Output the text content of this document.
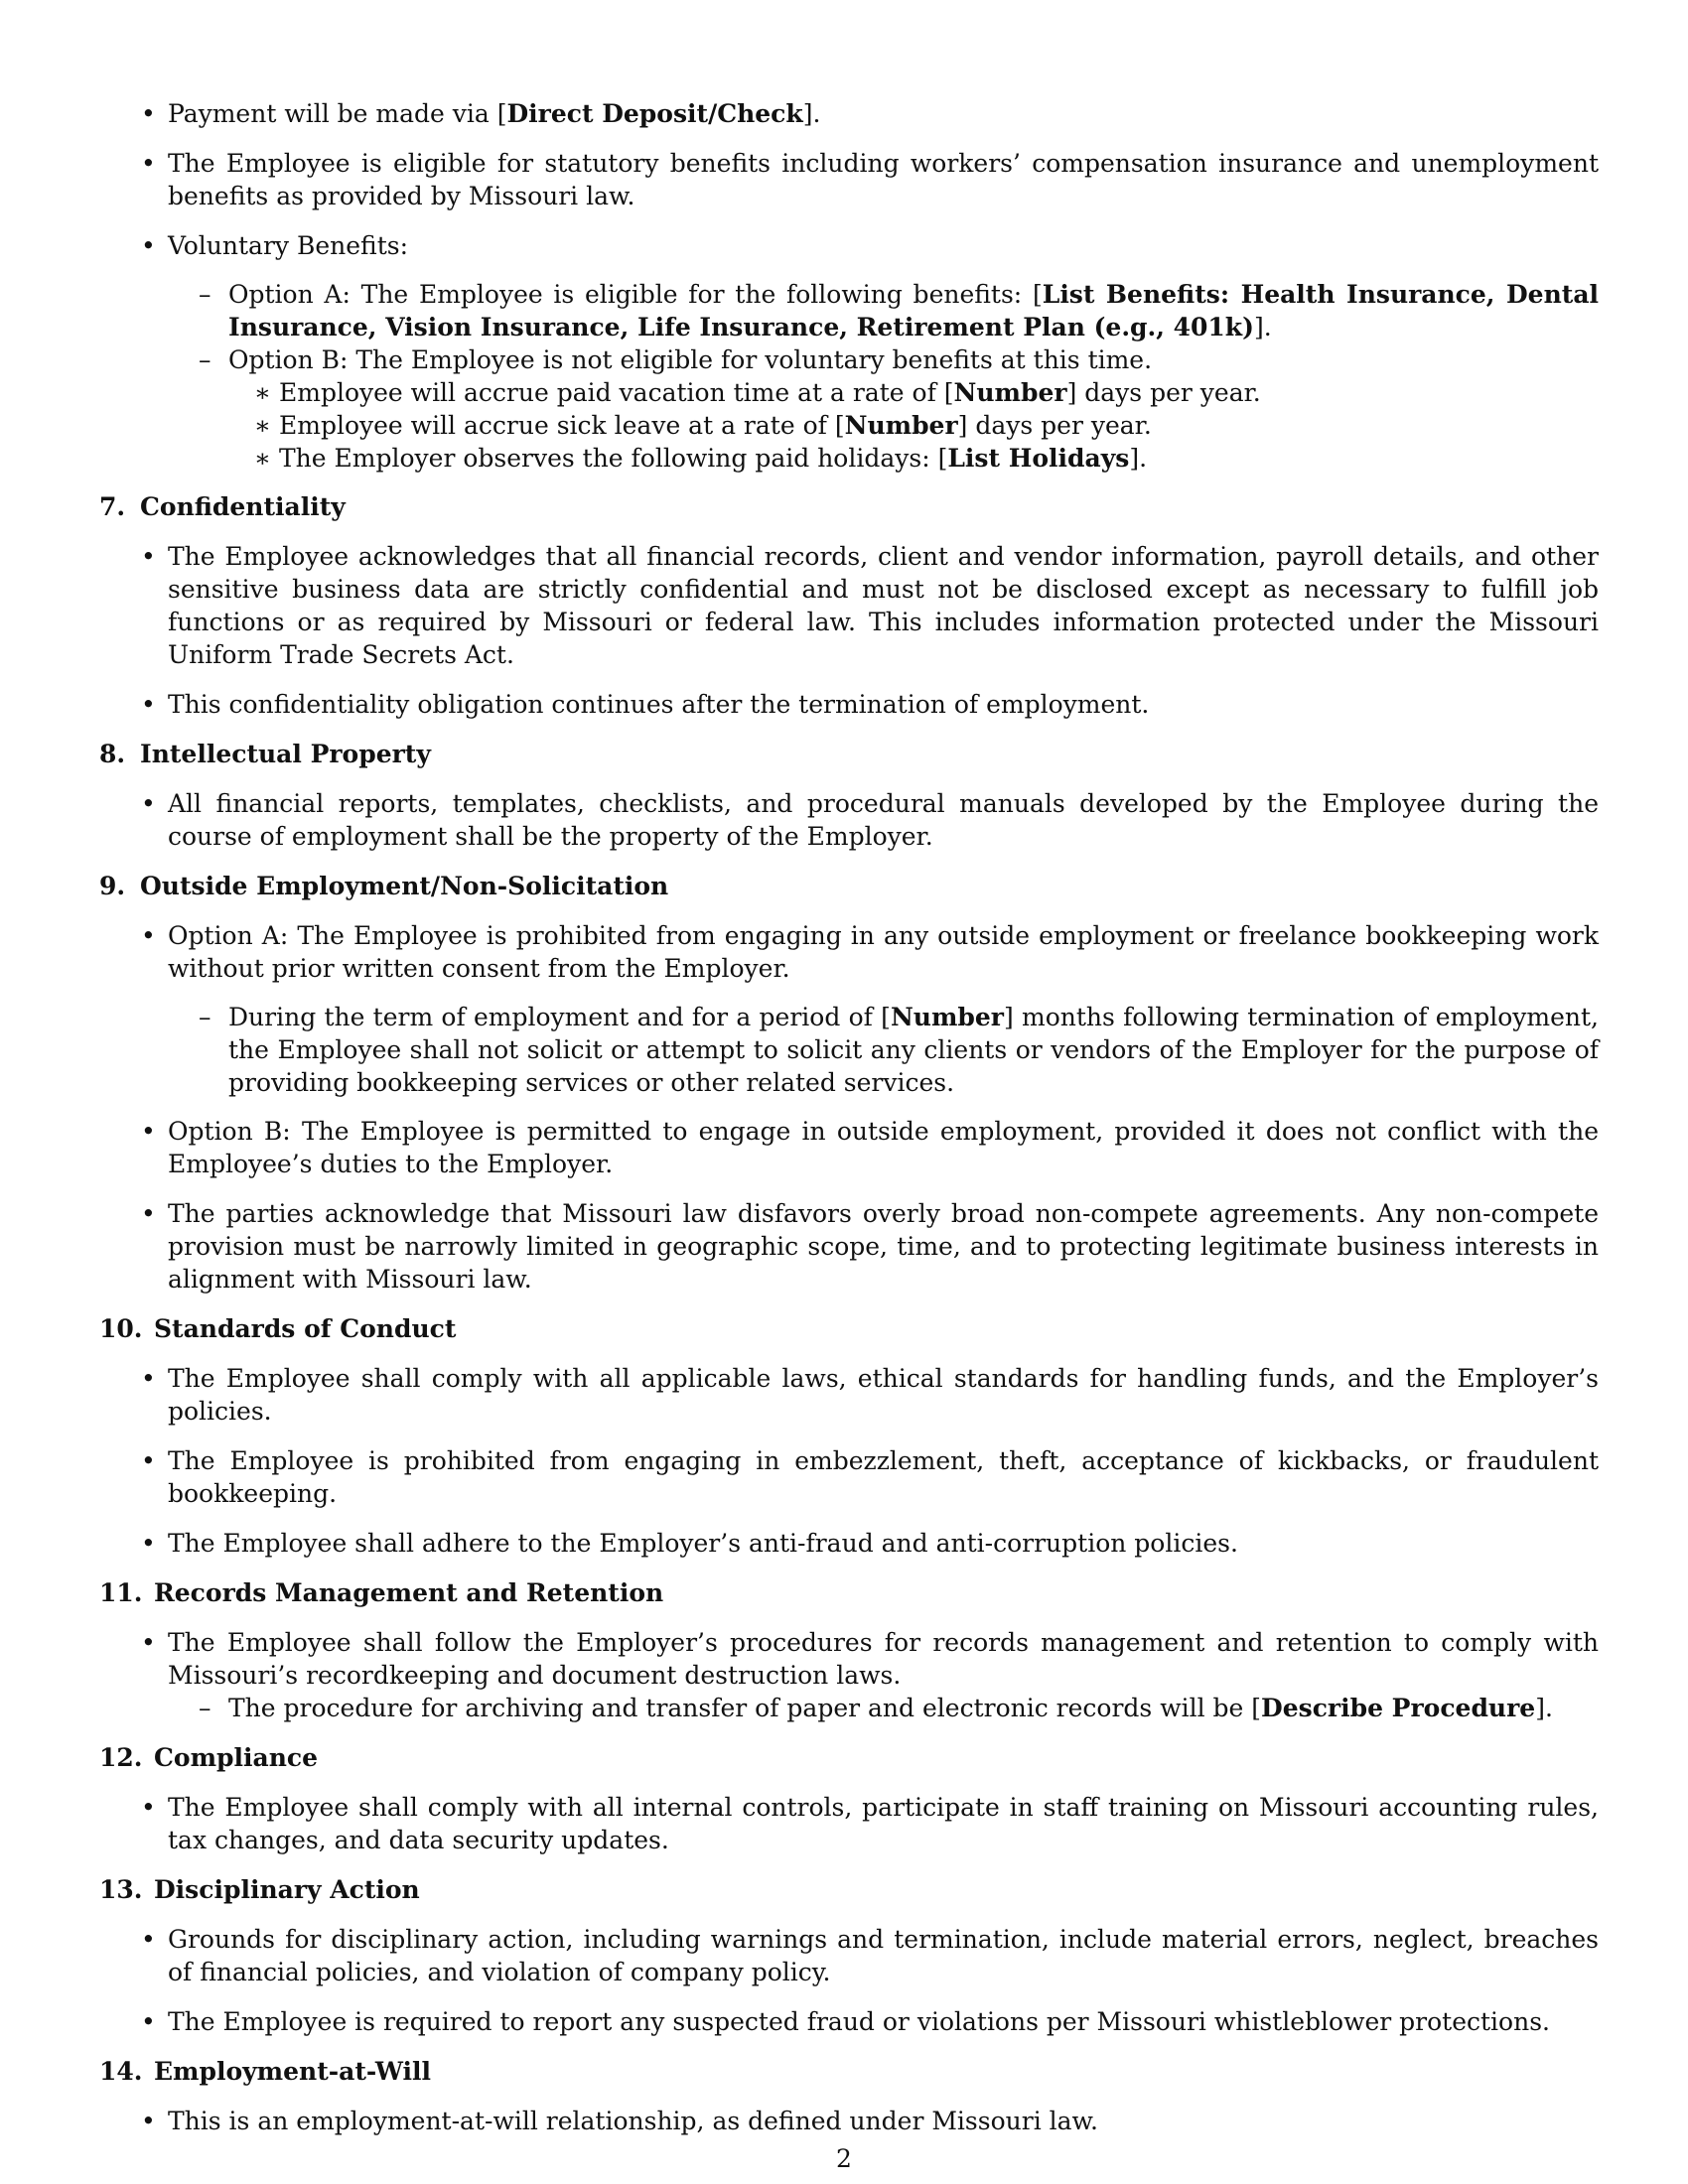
• Payment will be made via [Direct Deposit/Check].
• The Employee is eligible for statutory benefits including workers’ compensation insurance and unemployment benefits as provided by Missouri law.
• Voluntary Benefits:
– Option A: The Employee is eligible for the following benefits: [List Benefits: Health Insurance, Dental Insurance, Vision Insurance, Life Insurance, Retirement Plan (e.g., 401k)].
– Option B: The Employee is not eligible for voluntary benefits at this time.
∗ Employee will accrue paid vacation time at a rate of [Number] days per year.
∗ Employee will accrue sick leave at a rate of [Number] days per year.
∗ The Employer observes the following paid holidays: [List Holidays].
7. Confidentiality
• The Employee acknowledges that all financial records, client and vendor information, payroll details, and other sensitive business data are strictly confidential and must not be disclosed except as necessary to fulfill job functions or as required by Missouri or federal law. This includes information protected under the Missouri Uniform Trade Secrets Act.
• This confidentiality obligation continues after the termination of employment.
8. Intellectual Property
• All financial reports, templates, checklists, and procedural manuals developed by the Employee during the course of employment shall be the property of the Employer.
9. Outside Employment/Non-Solicitation
• Option A: The Employee is prohibited from engaging in any outside employment or freelance bookkeeping work without prior written consent from the Employer.
– During the term of employment and for a period of [Number] months following termination of employment, the Employee shall not solicit or attempt to solicit any clients or vendors of the Employer for the purpose of providing bookkeeping services or other related services.
• Option B: The Employee is permitted to engage in outside employment, provided it does not conflict with the Employee’s duties to the Employer.
• The parties acknowledge that Missouri law disfavors overly broad non-compete agreements. Any non-compete provision must be narrowly limited in geographic scope, time, and to protecting legitimate business interests in alignment with Missouri law.
10. Standards of Conduct
• The Employee shall comply with all applicable laws, ethical standards for handling funds, and the Employer’s policies.
• The Employee is prohibited from engaging in embezzlement, theft, acceptance of kickbacks, or fraudulent bookkeeping.
• The Employee shall adhere to the Employer’s anti-fraud and anti-corruption policies.
11. Records Management and Retention
• The Employee shall follow the Employer’s procedures for records management and retention to comply with Missouri’s recordkeeping and document destruction laws.
– The procedure for archiving and transfer of paper and electronic records will be [Describe Procedure].
12. Compliance
• The Employee shall comply with all internal controls, participate in staff training on Missouri accounting rules, tax changes, and data security updates.
13. Disciplinary Action
• Grounds for disciplinary action, including warnings and termination, include material errors, neglect, breaches of financial policies, and violation of company policy.
• The Employee is required to report any suspected fraud or violations per Missouri whistleblower protections.
14. Employment-at-Will
• This is an employment-at-will relationship, as defined under Missouri law.
2
